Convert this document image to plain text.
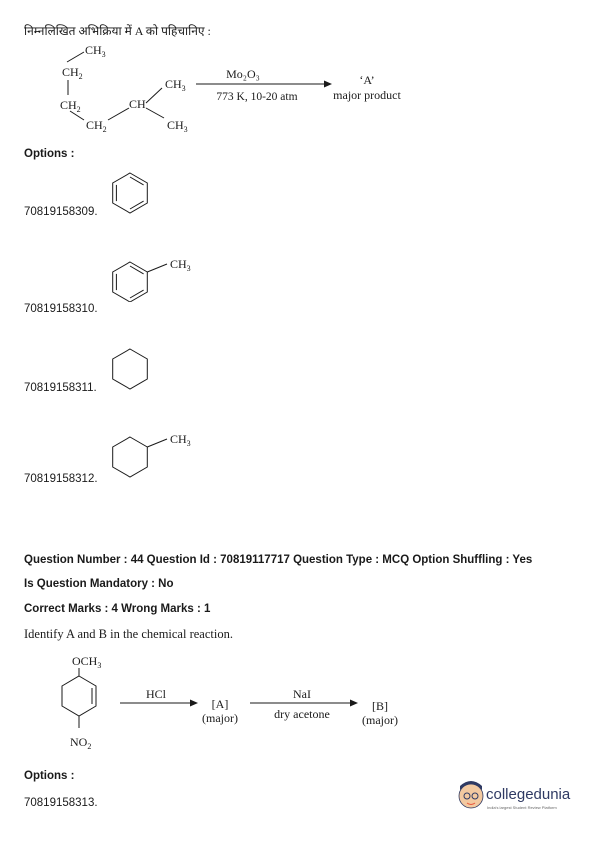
निम्नलिखित अभिक्रिया में A को पहिचानिए :
$CH_3$
$CH_2$
$CH_2$
$CH_2$
CH
$CH_3$
$CH_3$
Mo₂O₃
773 K, 10-20 atm
‘A’
major product
Options :
70819158309.
$CH_3$
70819158310.
70819158311.
$CH_3$
70819158312.
Question Number : 44 Question Id : 70819117717 Question Type : MCQ Option Shuffling : Yes
Is Question Mandatory : No
Correct Marks : 4 Wrong Marks : 1
Identify A and B in the chemical reaction.
$OCH_3$
$NO_2$
HCl
[A]
(major)
NaI
dry acetone
[B]
(major)
Options :
70819158313.	collegedunia
India's largest Student Review Platform
